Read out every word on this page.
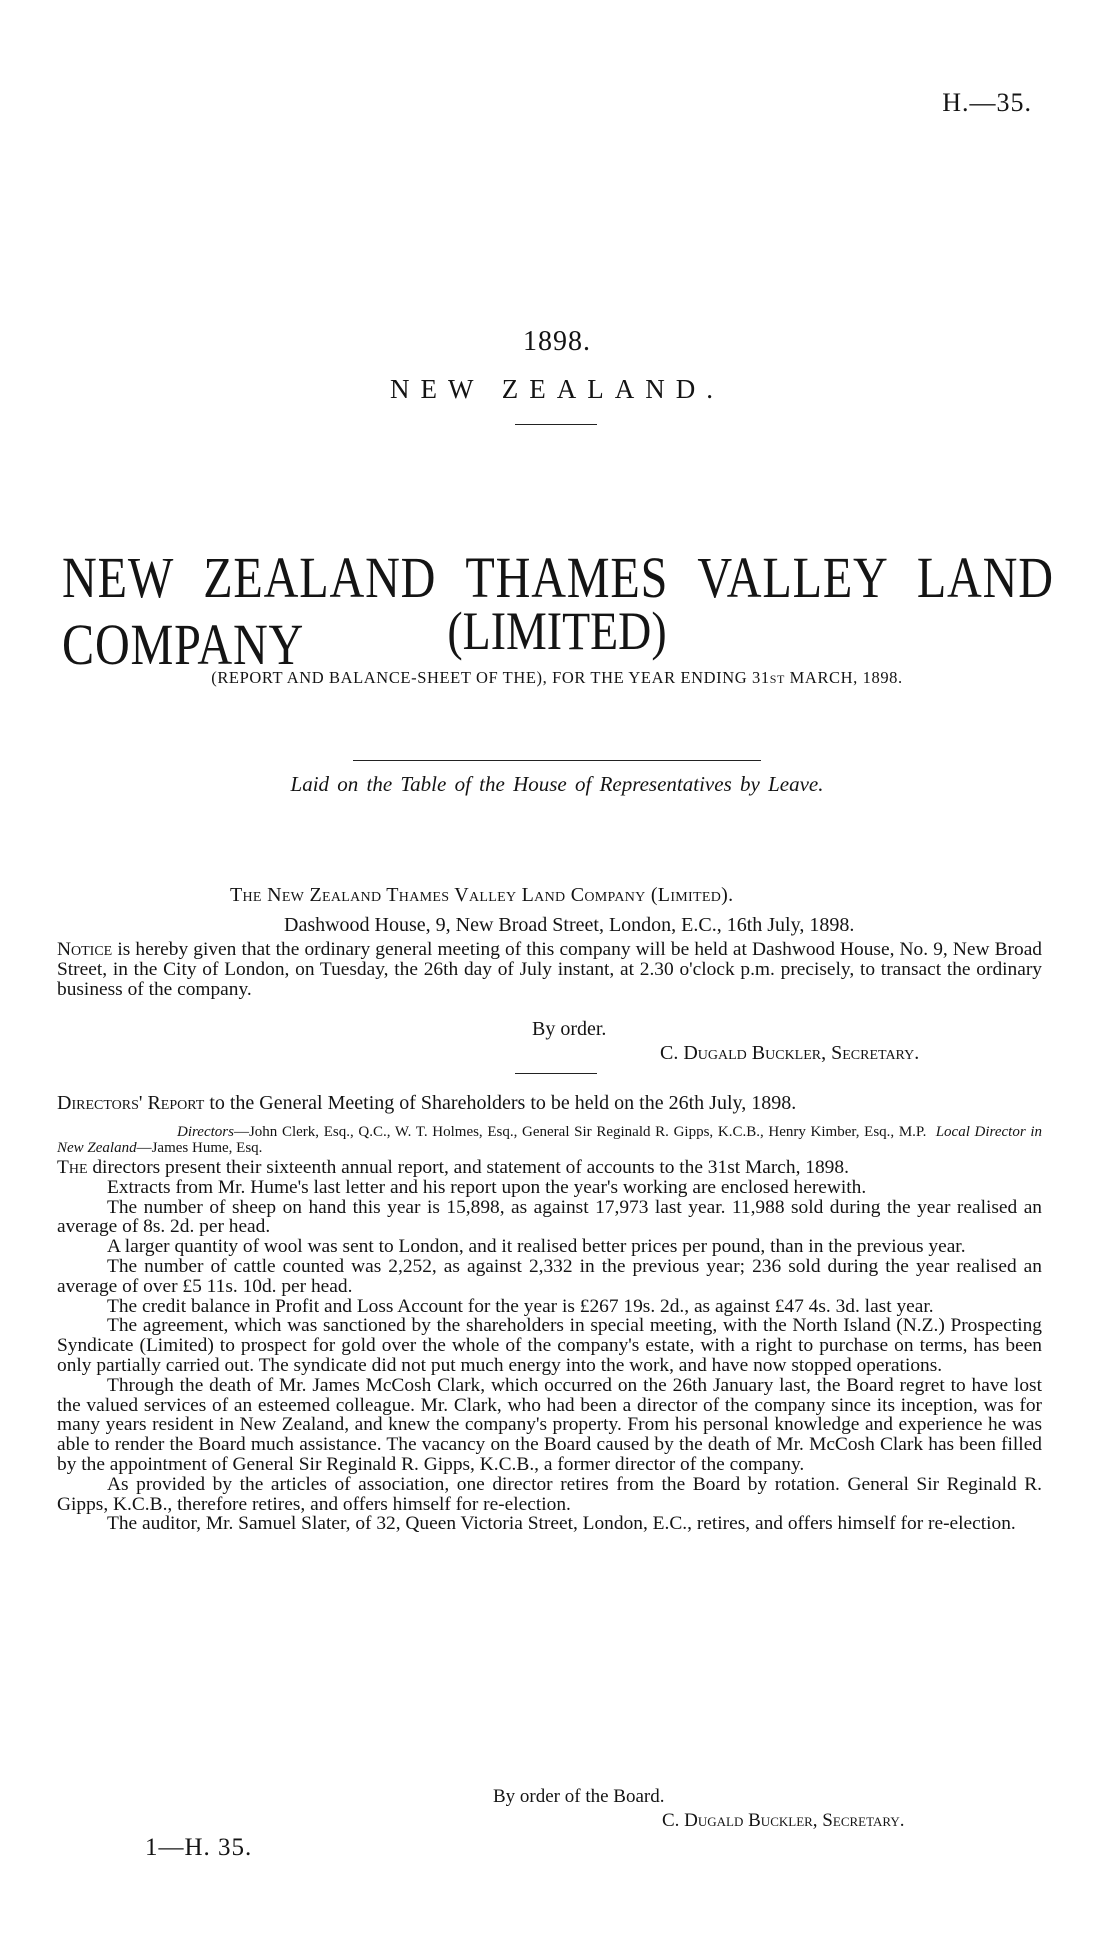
H.—35.
1898.
NEW ZEALAND.
NEW ZEALAND THAMES VALLEY LAND COMPANY	(LIMITED)
(REPORT AND BALANCE-SHEET OF THE), FOR THE YEAR ENDING 31ST MARCH, 1898.
Laid on the Table of the House of Representatives by Leave.
The New Zealand Thames Valley Land Company (Limited).
Dashwood House, 9, New Broad Street, London, E.C., 16th July, 1898.
Notice is hereby given that the ordinary general meeting of this company will be held at Dashwood House, No. 9, New Broad Street, in the City of London, on Tuesday, the 26th day of July instant, at 2.30 o'clock p.m. precisely, to transact the ordinary business of the company.
By order.
C. Dugald Buckler, Secretary.
Directors' Report to the General Meeting of Shareholders to be held on the 26th July, 1898.
Directors—John Clerk, Esq., Q.C., W. T. Holmes, Esq., General Sir Reginald R. Gipps, K.C.B., Henry Kimber, Esq., M.P. Local Director in New Zealand—James Hume, Esq.

The directors present their sixteenth annual report, and statement of accounts to the 31st March, 1898.

Extracts from Mr. Hume's last letter and his report upon the year's working are enclosed herewith.

The number of sheep on hand this year is 15,898, as against 17,973 last year. 11,988 sold during the year realised an average of 8s. 2d. per head.

A larger quantity of wool was sent to London, and it realised better prices per pound, than in the previous year.

The number of cattle counted was 2,252, as against 2,332 in the previous year; 236 sold during the year realised an average of over £5 11s. 10d. per head.

The credit balance in Profit and Loss Account for the year is £267 19s. 2d., as against £47 4s. 3d. last year.

The agreement, which was sanctioned by the shareholders in special meeting, with the North Island (N.Z.) Prospecting Syndicate (Limited) to prospect for gold over the whole of the company's estate, with a right to purchase on terms, has been only partially carried out. The syndicate did not put much energy into the work, and have now stopped operations.

Through the death of Mr. James McCosh Clark, which occurred on the 26th January last, the Board regret to have lost the valued services of an esteemed colleague. Mr. Clark, who had been a director of the company since its inception, was for many years resident in New Zealand, and knew the company's property. From his personal knowledge and experience he was able to render the Board much assistance. The vacancy on the Board caused by the death of Mr. McCosh Clark has been filled by the appointment of General Sir Reginald R. Gipps, K.C.B., a former director of the company.

As provided by the articles of association, one director retires from the Board by rotation. General Sir Reginald R. Gipps, K.C.B., therefore retires, and offers himself for re-election.

The auditor, Mr. Samuel Slater, of 32, Queen Victoria Street, London, E.C., retires, and offers himself for re-election.

By order of the Board.
C. Dugald Buckler, Secretary.
1—H. 35.
